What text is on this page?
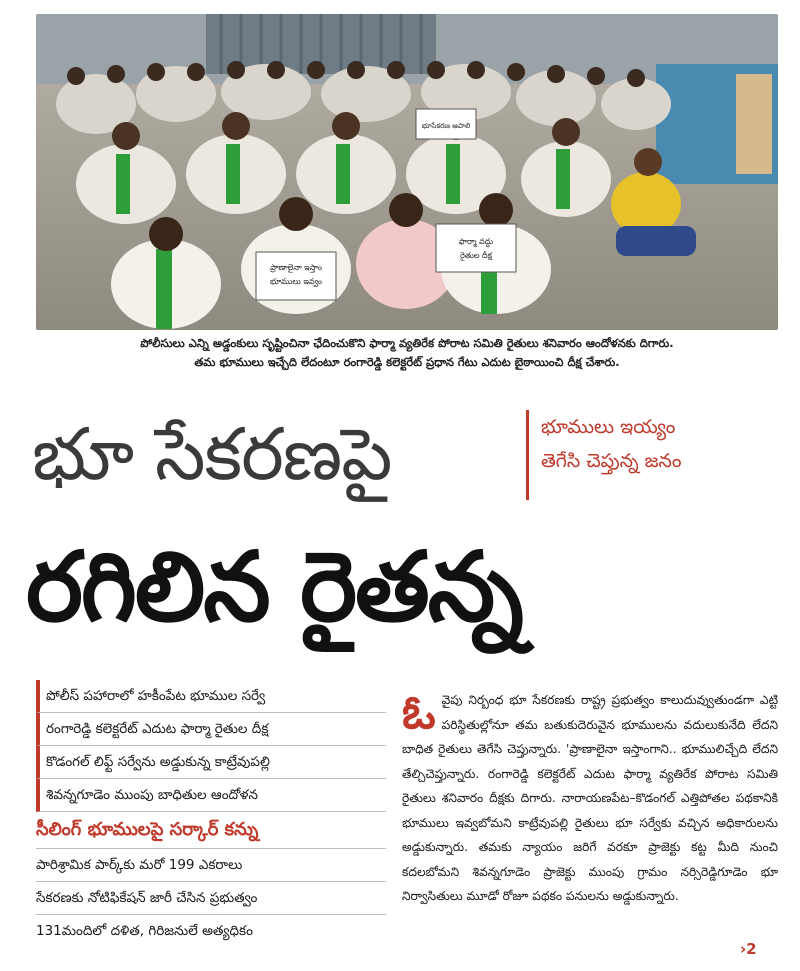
ప్రాణాలైనా ఇస్తాం
భూములు ఇవ్వం
ఫార్మా వద్దు
రైతుల దీక్ష
భూసేకరణ ఆపాలి
పోలీసులు ఎన్ని అడ్డంకులు సృష్టించినా ఛేదించుకొని ఫార్మా వ్యతిరేక పోరాట సమితి రైతులు శనివారం ఆందోళనకు దిగారు.
తమ భూములు ఇచ్చేది లేదంటూ రంగారెడ్డి కలెక్టరేట్ ప్రధాన గేటు ఎదుట బైఠాయించి దీక్ష చేశారు.
భూ సేకరణపై	భూములు ఇయ్యం
తెగేసి చెప్తున్న జనం
రగిలిన రైతన్న
పోలీస్ పహారాలో హకీంపేట భూముల సర్వే
రంగారెడ్డి కలెక్టరేట్ ఎదుట ఫార్మా రైతుల దీక్ష
కొడంగల్ లిఫ్ట్ సర్వేను అడ్డుకున్న కాట్రేవుపల్లి
శివన్నగూడెం ముంపు బాధితుల ఆందోళన
సీలింగ్ భూములపై సర్కార్ కన్ను
పారిశ్రామిక పార్క్‌కు మరో 199 ఎకరాలు
సేకరణకు నోటిఫికేషన్ జారీ చేసిన ప్రభుత్వం
131మందిలో దళిత, గిరిజనులే అత్యధికం
ఓ వైపు నిర్బంధ భూ సేకరణకు రాష్ట్ర ప్రభుత్వం కాలుదువ్వుతుండగా ఎట్టి పరిస్థితుల్లోనూ తమ బతుకుదెరువైన భూములను వదులుకునేది లేదని బాధిత రైతులు తెగేసి చెప్తున్నారు. 'ప్రాణాలైనా ఇస్తాంగాని.. భూములిచ్చేది లేదని తేల్చిచెప్తున్నారు. రంగారెడ్డి కలెక్టరేట్ ఎదుట ఫార్మా వ్యతిరేక పోరాట సమితి రైతులు శనివారం దీక్షకు దిగారు. నారాయణపేట–కొడంగల్ ఎత్తిపోతల పథకానికి భూములు ఇవ్వబోమని కాట్రేవుపల్లి రైతులు భూ సర్వేకు వచ్చిన అధికారులను అడ్డుకున్నారు. తమకు న్యాయం జరిగే వరకూ ప్రాజెక్టు కట్ట మీది నుంచి కదలబోమని శివన్నగూడెం ప్రాజెక్టు ముంపు గ్రామం నర్సిరెడ్డిగూడెం భూ నిర్వాసితులు మూడో రోజూ పథకం పనులను అడ్డుకున్నారు.
›2
